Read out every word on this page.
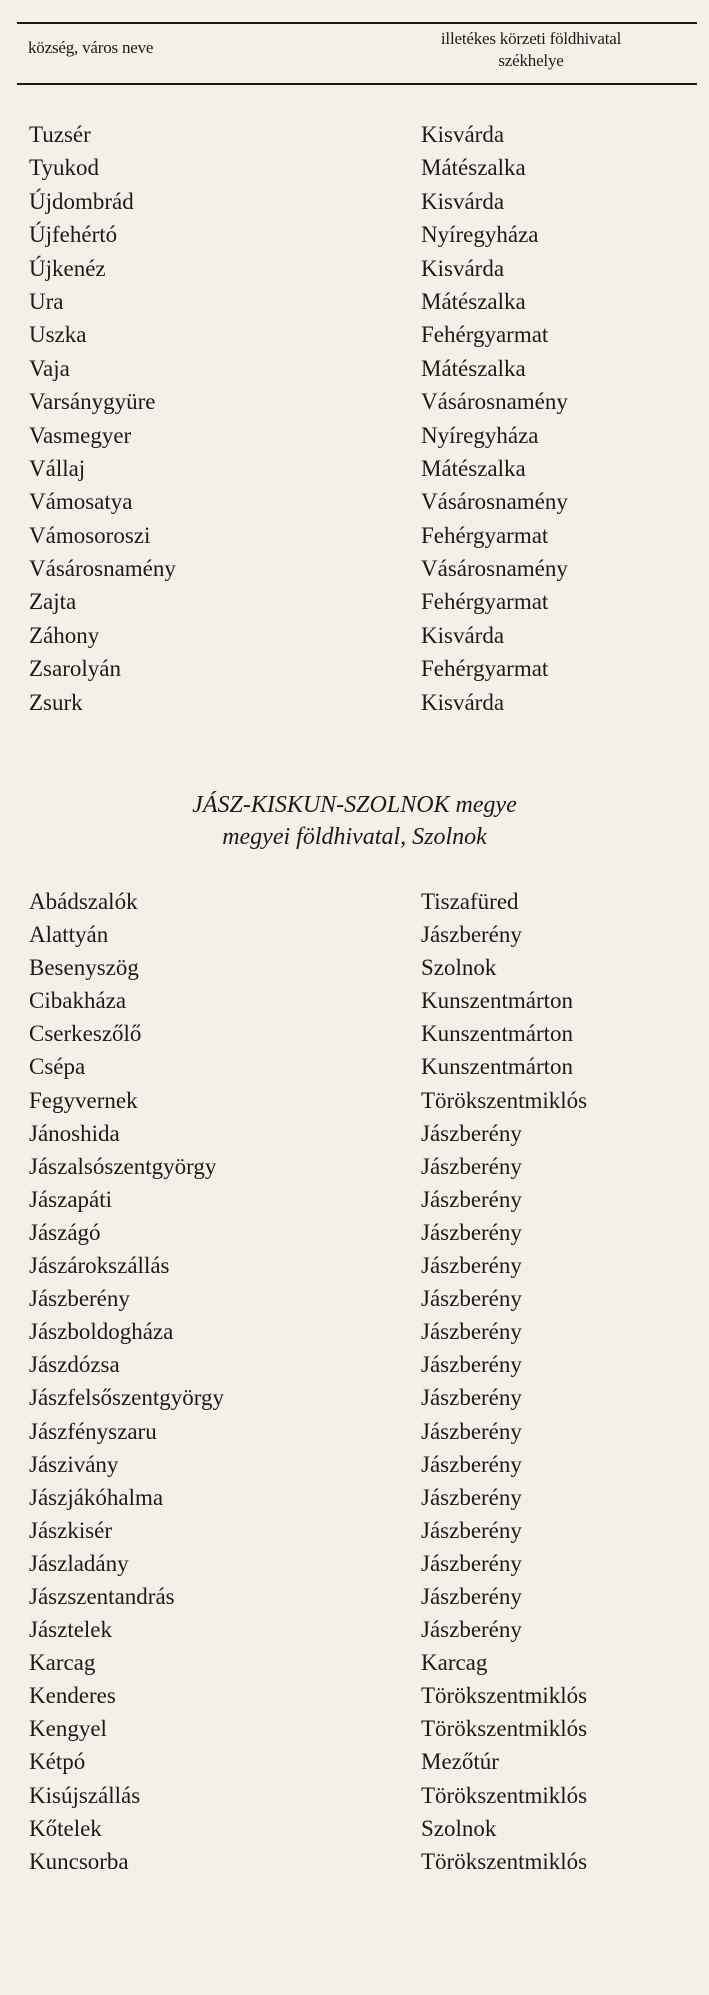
község, város neve	illetékes körzeti földhivatal
székhelye
Tuzsér	Kisvárda
Tyukod	Mátészalka
Újdombrád	Kisvárda
Újfehértó	Nyíregyháza
Újkenéz	Kisvárda
Ura	Mátészalka
Uszka	Fehérgyarmat
Vaja	Mátészalka
Varsánygyüre	Vásárosnamény
Vasmegyer	Nyíregyháza
Vállaj	Mátészalka
Vámosatya	Vásárosnamény
Vámosoroszi	Fehérgyarmat
Vásárosnamény	Vásárosnamény
Zajta	Fehérgyarmat
Záhony	Kisvárda
Zsarolyán	Fehérgyarmat
Zsurk	Kisvárda
JÁSZ-KISKUN-SZOLNOK megye
megyei földhivatal, Szolnok
Abádszalók	Tiszafüred
Alattyán	Jászberény
Besenyszög	Szolnok
Cibakháza	Kunszentmárton
Cserkeszőlő	Kunszentmárton
Csépa	Kunszentmárton
Fegyvernek	Törökszentmiklós
Jánoshida	Jászberény
Jászalsószentgyörgy	Jászberény
Jászapáti	Jászberény
Jászágó	Jászberény
Jászárokszállás	Jászberény
Jászberény	Jászberény
Jászboldogháza	Jászberény
Jászdózsa	Jászberény
Jászfelsőszentgyörgy	Jászberény
Jászfényszaru	Jászberény
Jászivány	Jászberény
Jászjákóhalma	Jászberény
Jászkisér	Jászberény
Jászladány	Jászberény
Jászszentandrás	Jászberény
Jásztelek	Jászberény
Karcag	Karcag
Kenderes	Törökszentmiklós
Kengyel	Törökszentmiklós
Kétpó	Mezőtúr
Kisújszállás	Törökszentmiklós
Kőtelek	Szolnok
Kuncsorba	Törökszentmiklós
